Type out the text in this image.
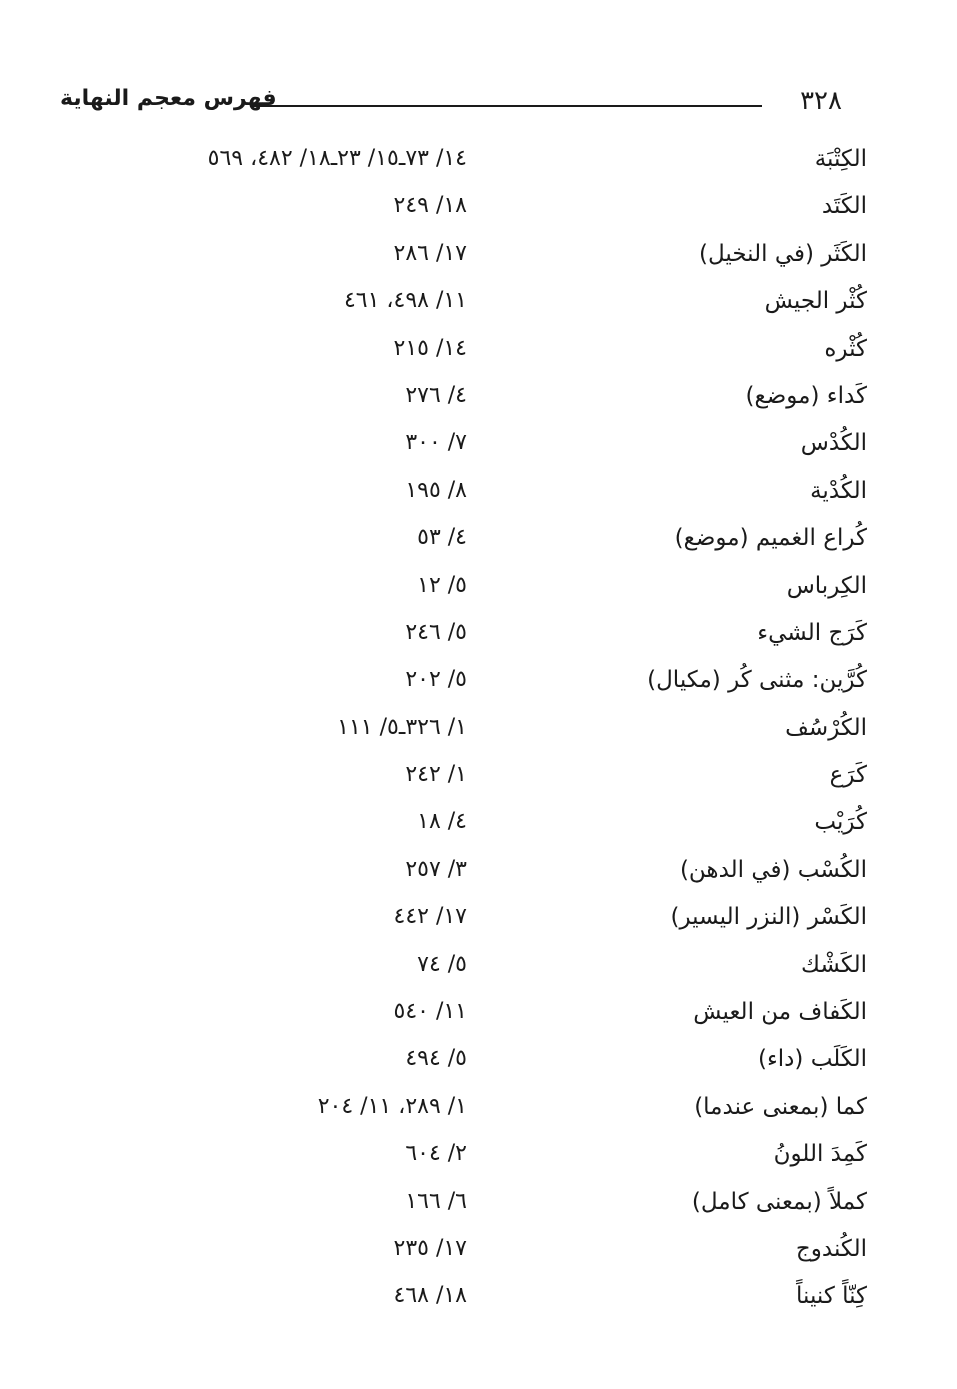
٣٢٨
فهرس معجم النهاية
الكِتْبَة
١٤/ ٧٣ـ١٥/ ٢٣ـ١٨/ ٤٨٢، ٥٦٩
الكَتَد
١٨/ ٢٤٩
الكَثَر (في النخيل)
١٧/ ٢٨٦
كُثْر الجيش
١١/ ٤٩٨، ٤٦١
كُثْره
١٤/ ٢١٥
كَداء (موضع)
٤/ ٢٧٦
الكُدْس
٧/ ٣٠٠
الكُدْية
٨/ ١٩٥
كُراع الغميم (موضع)
٤/ ٥٣
الكِرباس
٥/ ١٢
كَرَج الشيء
٥/ ٢٤٦
كُرَّين: مثنى كُر (مكيال)
٥/ ٢٠٢
الكُرْسُف
١/ ٣٢٦ـ٥/ ١١١
كَرَع
١/ ٢٤٢
كُرَيْب
٤/ ١٨
الكُسْب (في الدهن)
٣/ ٢٥٧
الكَسْر (النزر اليسير)
١٧/ ٤٤٢
الكَشْك
٥/ ٧٤
الكَفاف من العيش
١١/ ٥٤٠
الكَلَب (داء)
٥/ ٤٩٤
كما (بمعنى عندما)
١/ ٢٨٩، ١١/ ٢٠٤
كَمِدَ اللونُ
٢/ ٦٠٤
كملاً (بمعنى كامل)
٦/ ١٦٦
الكُندوج
١٧/ ٢٣٥
كِنّاً كنيناً
١٨/ ٤٦٨
